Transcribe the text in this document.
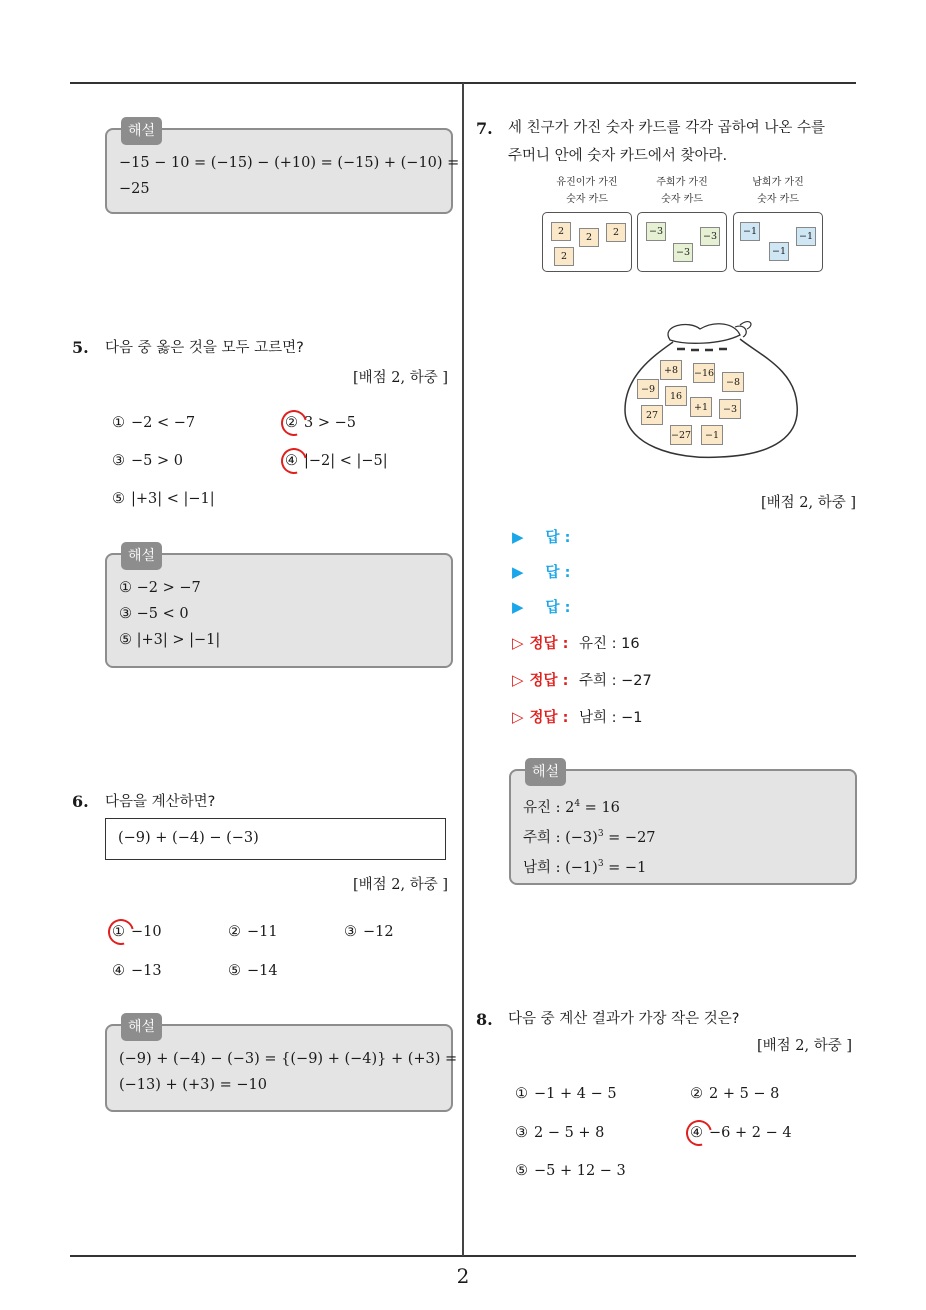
해설
−15 − 10 = (−15) − (+10) = (−15) + (−10) =
−25
5. 다음 중 옳은 것을 모두 고르면?
[배점 2, 하중 ]
① −2 < −7	② 3 > −5
③ −5 > 0	④ |−2| < |−5|
⑤ |+3| < |−1|
해설
① −2 > −7
③ −5 < 0
⑤ |+3| > |−1|
6. 다음을 계산하면?
(−9) + (−4) − (−3)
[배점 2, 하중 ]
① −10	② −11	③ −12
④ −13	⑤ −14
해설
(−9) + (−4) − (−3) = {(−9) + (−4)} + (+3) =
(−13) + (+3) = −10
7. 세 친구가 가진 숫자 카드를 각각 곱하여 나온 수를
주머니 안에 숫자 카드에서 찾아라.
유진이가 가진
숫자 카드
주희가 가진
숫자 카드
남희가 가진
숫자 카드
2
2	2
2
−3	−3
−3
−1	−1
−1
+8	−16
−8
−9
16
+1	−3
27
−27	−1
[배점 2, 하중 ]
▶ 답 :
▶ 답 :
▶ 답 :
▷ 정답 : 유진 : 16
▷ 정답 : 주희 : −27
▷ 정답 : 남희 : −1
해설
유진 : $2^4 = 16$
주희 : $(-3)^3 = -27$
남희 : $(-1)^3 = -1$
8. 다음 중 계산 결과가 가장 작은 것은?
[배점 2, 하중 ]
① −1 + 4 − 5	② 2 + 5 − 8
③ 2 − 5 + 8	④ −6 + 2 − 4
⑤ −5 + 12 − 3
2
